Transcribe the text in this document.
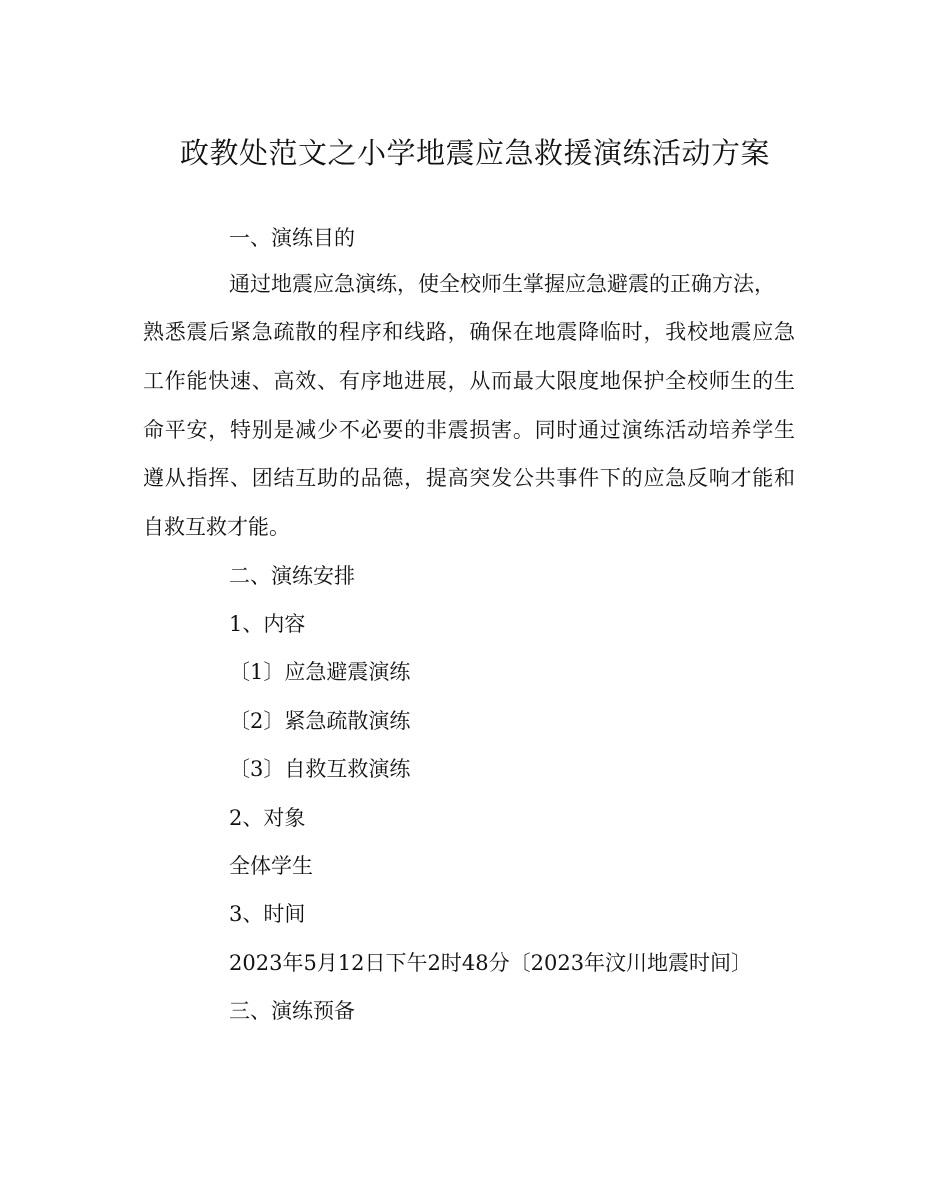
政教处范文之小学地震应急救援演练活动方案
一、演练目的
通过地震应急演练，使全校师生掌握应急避震的正确方法，
熟悉震后紧急疏散的程序和线路，确保在地震降临时，我校地震应急
工作能快速、高效、有序地进展，从而最大限度地保护全校师生的生
命平安，特别是减少不必要的非震损害。同时通过演练活动培养学生
遵从指挥、团结互助的品德，提高突发公共事件下的应急反响才能和
自救互救才能。
二、演练安排
1、内容
〔1〕应急避震演练
〔2〕紧急疏散演练
〔3〕自救互救演练
2、对象
全体学生
3、时间
2023年5月12日下午2时48分〔2023年汶川地震时间〕
三、演练预备
